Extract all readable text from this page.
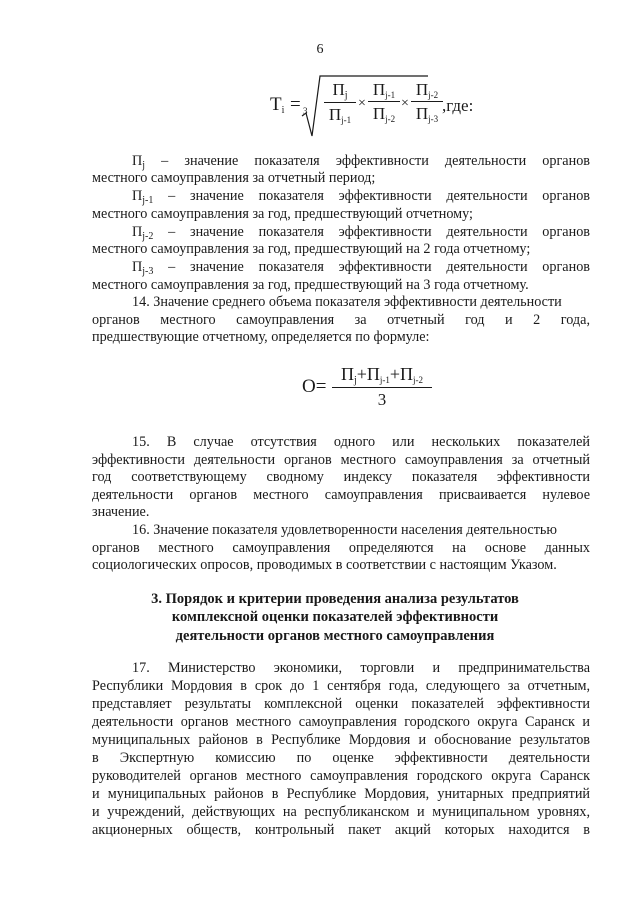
6
$T_i = 3$
$П_j$
$П_{j-1}$
×
$П_{j-1}$
$П_{j-2}$
×
$П_{j-2}$
$П_{j-3}$
,где:
$П_j$ – значение показателя эффективности деятельности органов
местного самоуправления за отчетный период;
$П_{j-1}$ – значение показателя эффективности деятельности органов
местного самоуправления за год, предшествующий отчетному;
$П_{j-2}$ – значение показателя эффективности деятельности органов
местного самоуправления за год, предшествующий на 2 года отчетному;
$П_{j-3}$ – значение показателя эффективности деятельности органов
местного самоуправления за год, предшествующий на 3 года отчетному.
14. Значение среднего объема показателя эффективности деятельности
органов местного самоуправления за отчетный год и 2 года,
предшествующие отчетному, определяется по формуле:
O=
$П_j+П_{j-1}+П_{j-2}$
3
15. В случае отсутствия одного или нескольких показателей
эффективности деятельности органов местного самоуправления за отчетный
год соответствующему сводному индексу показателя эффективности
деятельности органов местного самоуправления присваивается нулевое
значение.
16. Значение показателя удовлетворенности населения деятельностью
органов местного самоуправления определяются на основе данных
социологических опросов, проводимых в соответствии с настоящим Указом.
3. Порядок и критерии проведения анализа результатов
комплексной оценки показателей эффективности
деятельности органов местного самоуправления
17. Министерство экономики, торговли и предпринимательства
Республики Мордовия в срок до 1 сентября года, следующего за отчетным,
представляет результаты комплексной оценки показателей эффективности
деятельности органов местного самоуправления городского округа Саранск и
муниципальных районов в Республике Мордовия и обоснование результатов
в Экспертную комиссию по оценке эффективности деятельности
руководителей органов местного самоуправления городского округа Саранск
и муниципальных районов в Республике Мордовия, унитарных предприятий
и учреждений, действующих на республиканском и муниципальном уровнях,
акционерных обществ, контрольный пакет акций которых находится в
